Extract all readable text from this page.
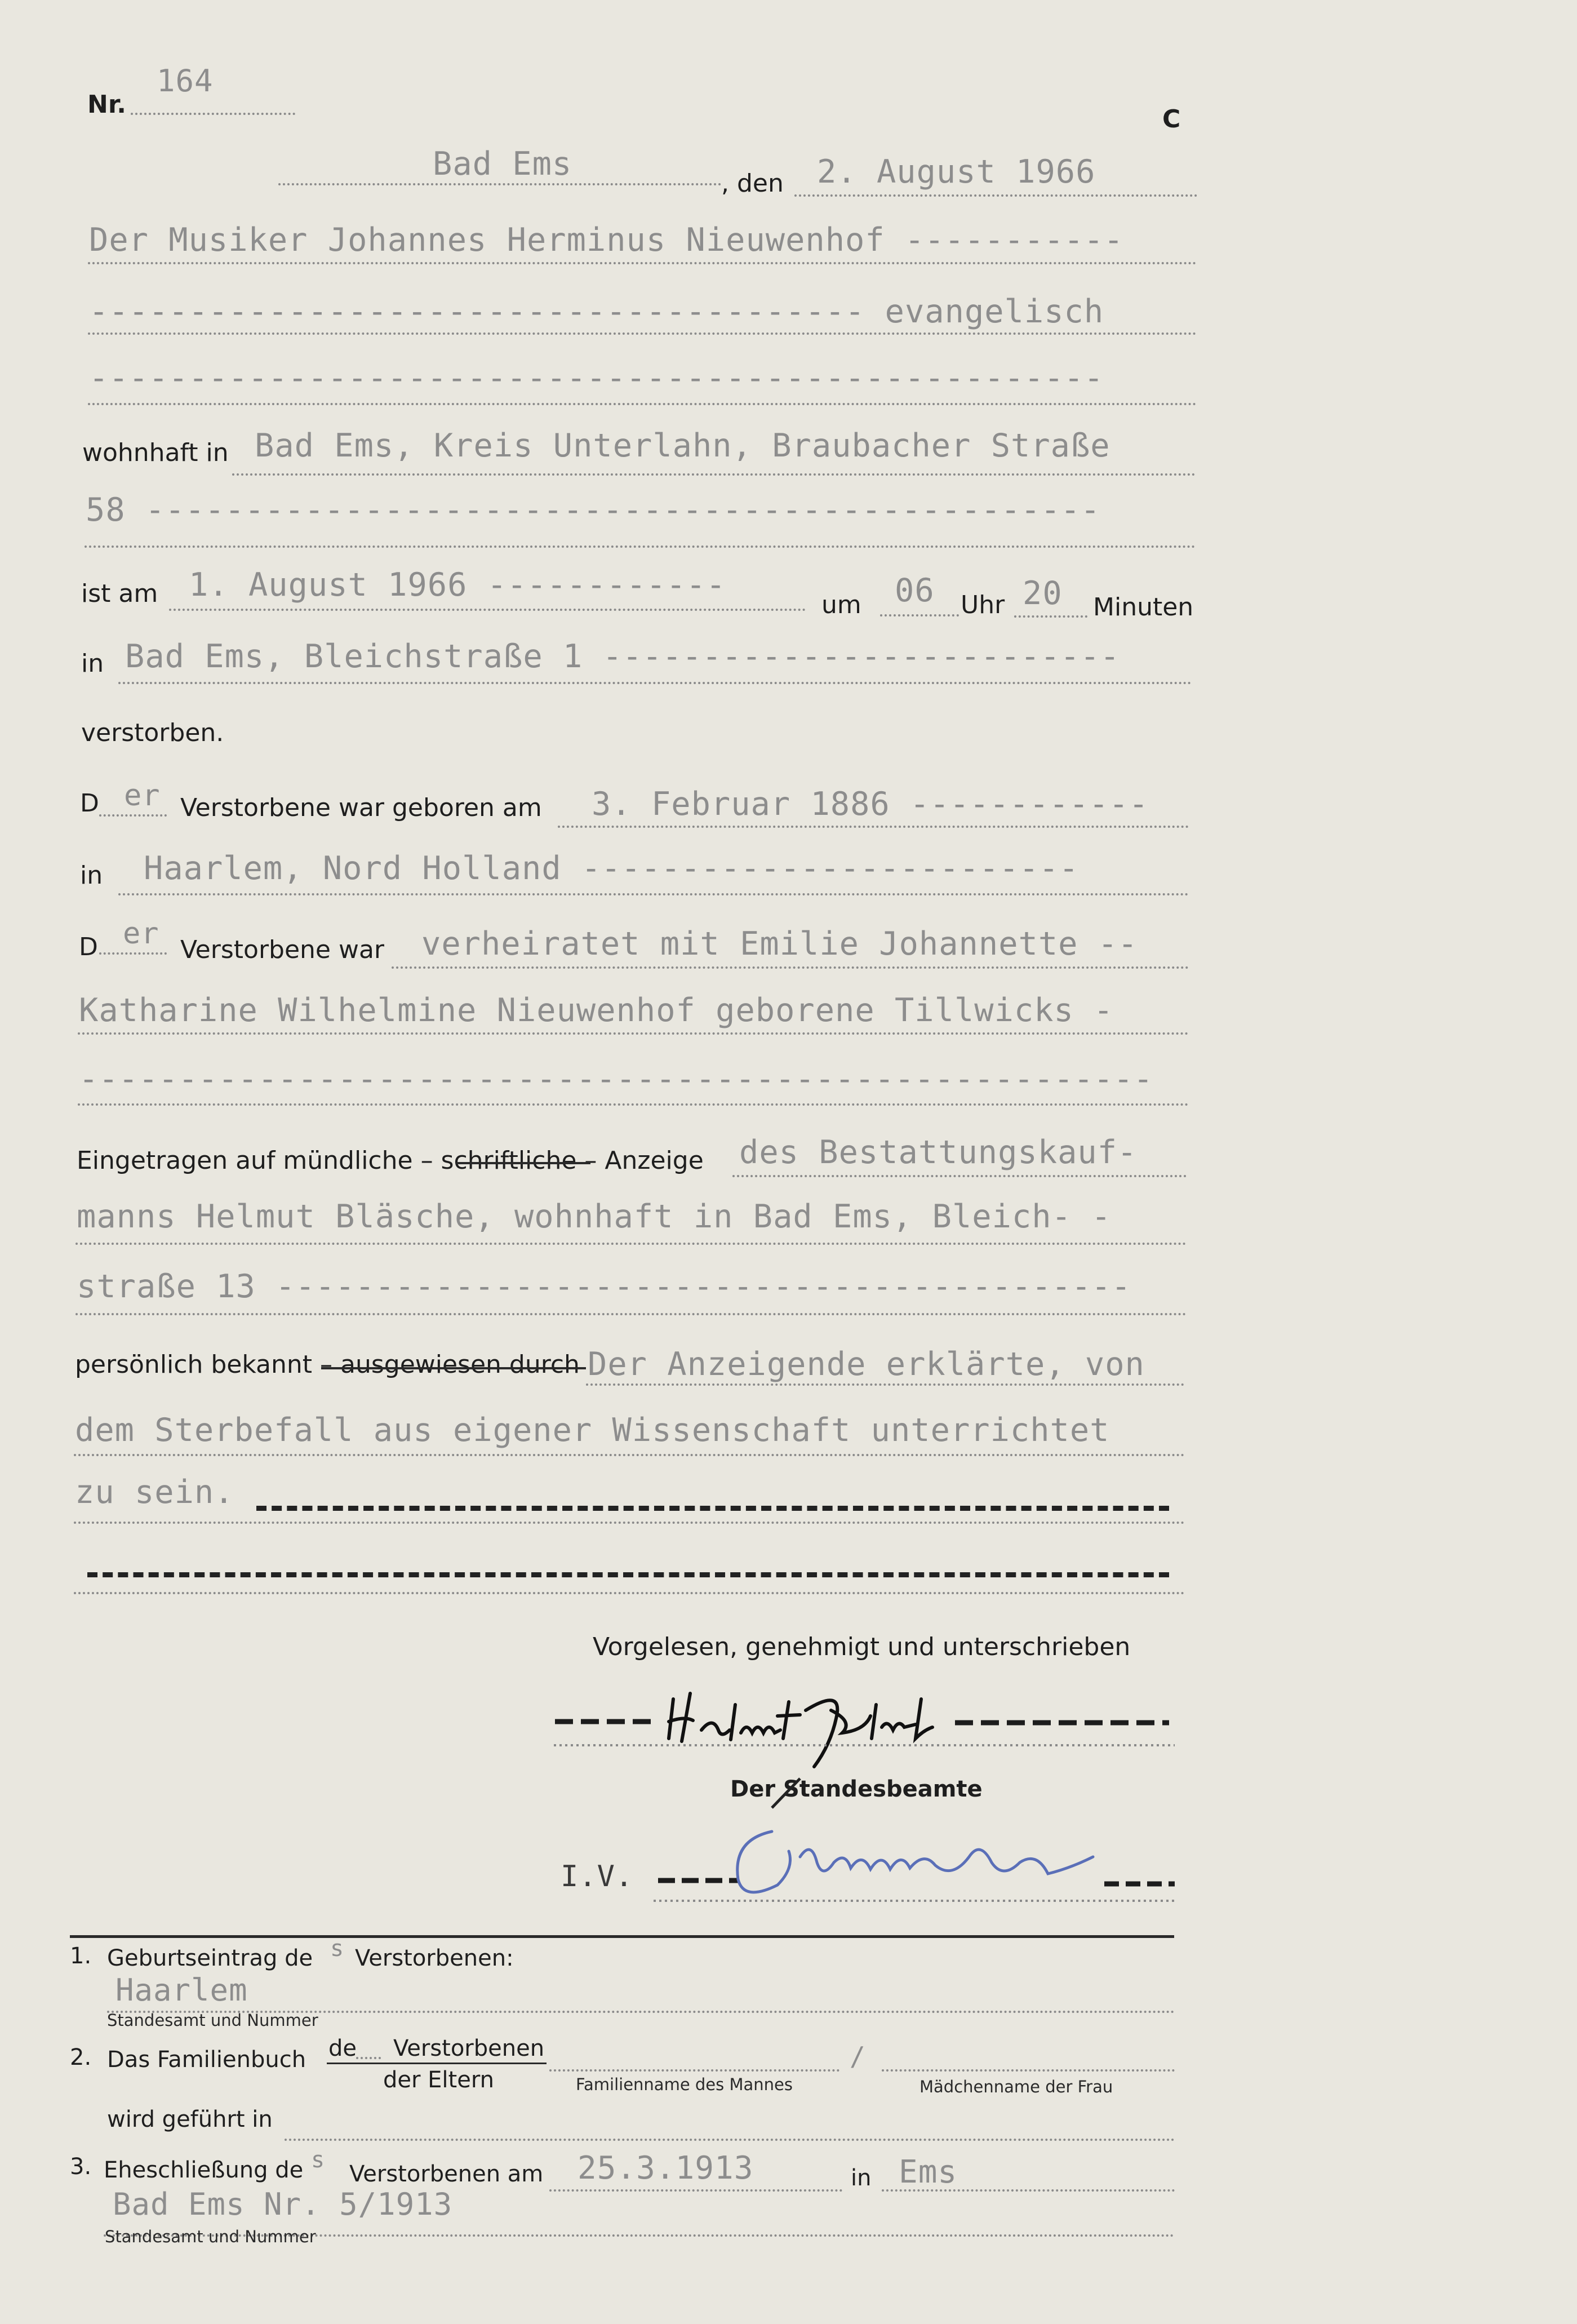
Nr.
164
C
Bad Ems
, den 2. August 1966
Der Musiker Johannes Herminus Nieuwenhof -----------
--------------------------------------- evangelisch
---------------------------------------------------
wohnhaft in Bad Ems, Kreis Unterlahn, Braubacher Straße
58 ------------------------------------------------
ist am 1. August 1966 ------------
um 06 Uhr 20 Minuten
in Bad Ems, Bleichstraße 1 --------------------------
verstorben.
D er Verstorbene war geboren am 3. Februar 1886 ------------
in Haarlem, Nord Holland -------------------------
D er Verstorbene war verheiratet mit Emilie Johannette --
Katharine Wilhelmine Nieuwenhof geborene Tillwicks -
------------------------------------------------------
Eingetragen auf mündliche – schriftliche – Anzeige des Bestattungskauf-
manns Helmut Bläsche, wohnhaft in Bad Ems, Bleich- -
straße 13 -------------------------------------------
persönlich bekannt – ausgewiesen durch Der Anzeigende erklärte, von
dem Sterbefall aus eigener Wissenschaft unterrichtet
zu sein.
Vorgelesen, genehmigt und unterschrieben
Der Standesbeamte
I.V.
1. Geburtseintrag de s Verstorbenen:
Haarlem
Standesamt und Nummer
2. Das Familienbuch de Verstorbenen
der Eltern	Familienname des Mannes
/
Mädchenname der Frau
wird geführt in
3. Eheschließung de s
Verstorbenen am 25.3.1913	in Ems
Bad Ems Nr. 5/1913
Standesamt und Nummer
